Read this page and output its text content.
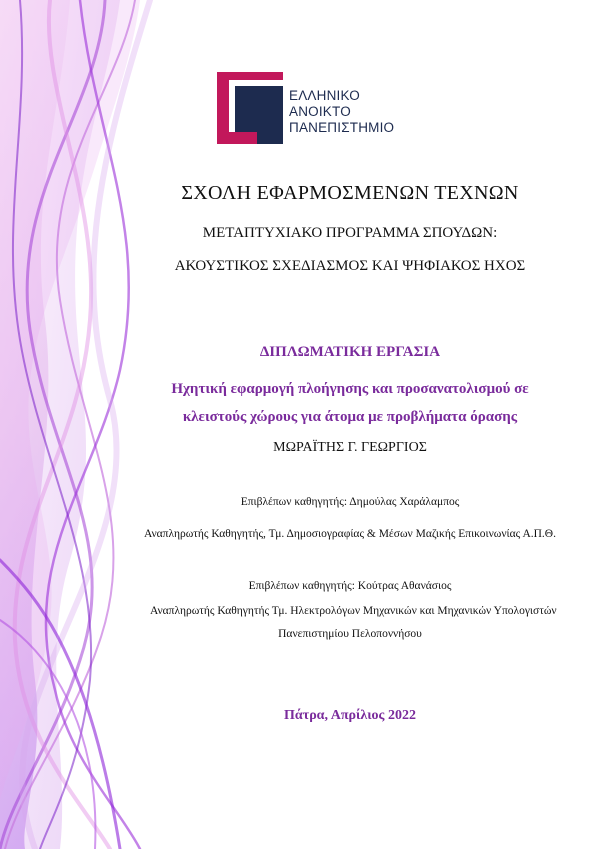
ΕΛΛΗΝΙΚΟ
ΑΝΟΙΚΤΟ
ΠΑΝΕΠΙΣΤΗΜΙΟ
ΣΧΟΛΗ ΕΦΑΡΜΟΣΜΕΝΩΝ ΤΕΧΝΩΝ
ΜΕΤΑΠΤΥΧΙΑΚΟ ΠΡΟΓΡΑΜΜΑ ΣΠΟΥΔΩΝ:
ΑΚΟΥΣΤΙΚΟΣ ΣΧΕΔΙΑΣΜΟΣ ΚΑΙ ΨΗΦΙΑΚΟΣ ΗΧΟΣ
ΔΙΠΛΩΜΑΤΙΚΗ ΕΡΓΑΣΙΑ
Ηχητική εφαρμογή πλοήγησης και προσανατολισμού σε
κλειστούς χώρους για άτομα με προβλήματα όρασης
ΜΩΡΑΪΤΗΣ Γ. ΓΕΩΡΓΙΟΣ
Επιβλέπων καθηγητής: Δημούλας Χαράλαμπος
Αναπληρωτής Καθηγητής, Τμ. Δημοσιογραφίας & Μέσων Μαζικής Επικοινωνίας Α.Π.Θ.
Επιβλέπων καθηγητής: Κούτρας Αθανάσιος
Αναπληρωτής Καθηγητής Τμ. Ηλεκτρολόγων Μηχανικών και Μηχανικών Υπολογιστών
Πανεπιστημίου Πελοποννήσου
Πάτρα, Απρίλιος 2022
